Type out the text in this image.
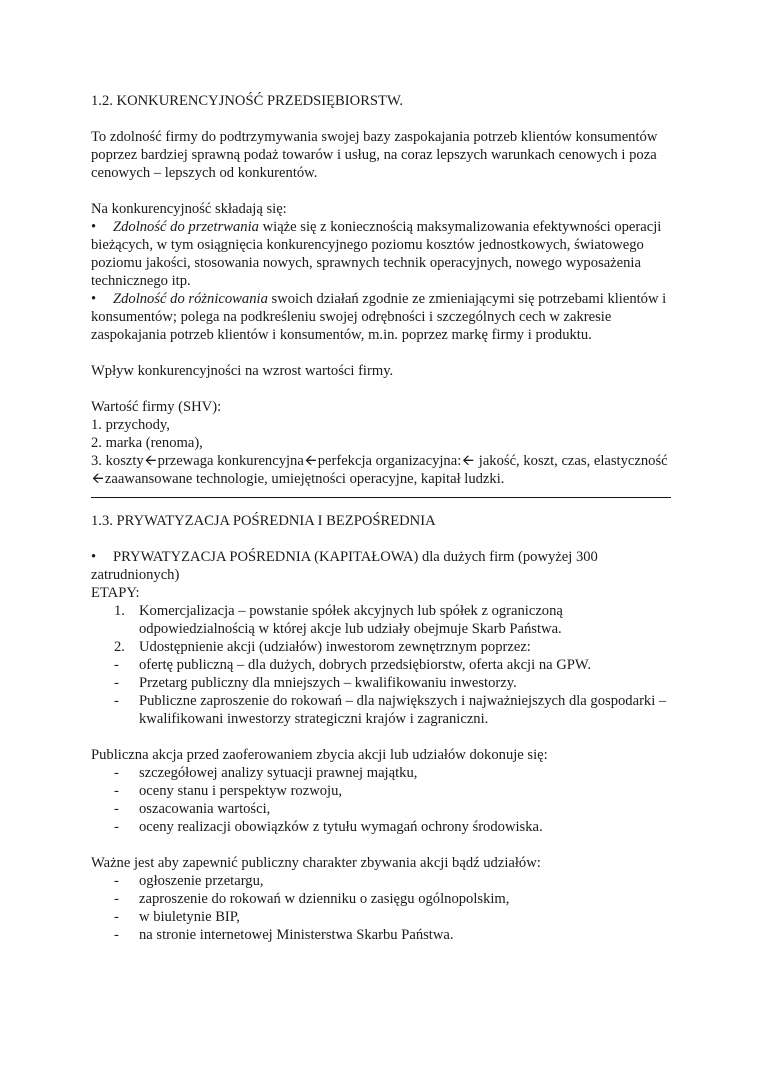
1.2. KONKURENCYJNOŚĆ PRZEDSIĘBIORSTW.

To zdolność firmy do podtrzymywania swojej bazy zaspokajania potrzeb klientów konsumentów poprzez bardziej sprawną podaż towarów i usług, na coraz lepszych warunkach cenowych i poza cenowych – lepszych od konkurentów.

Na konkurencyjność składają się:

• Zdolność do przetrwania wiąże się z koniecznością maksymalizowania efektywności operacji bieżących, w tym osiągnięcia konkurencyjnego poziomu kosztów jednostkowych, światowego poziomu jakości, stosowania nowych, sprawnych technik operacyjnych, nowego wyposażenia technicznego itp.

• Zdolność do różnicowania swoich działań zgodnie ze zmieniającymi się potrzebami klientów i konsumentów; polega na podkreśleniu swojej odrębności i szczególnych cech w zakresie zaspokajania potrzeb klientów i konsumentów, m.in. poprzez markę firmy i produktu.

Wpływ konkurencyjności na wzrost wartości firmy.

Wartość firmy (SHV):

1. przychody,

2. marka (renoma),

3. koszty🡨przewaga konkurencyjna🡨perfekcja organizacyjna:🡨 jakość, koszt, czas, elastyczność🡨zaawansowane technologie, umiejętności operacyjne, kapitał ludzki.

1.3. PRYWATYZACJA POŚREDNIA I BEZPOŚREDNIA

• PRYWATYZACJA POŚREDNIA (KAPITAŁOWA) dla dużych firm (powyżej 300 zatrudnionych)

ETAPY:

1. Komercjalizacja – powstanie spółek akcyjnych lub spółek z ograniczoną odpowiedzialnością w której akcje lub udziały obejmuje Skarb Państwa.
2. Udostępnienie akcji (udziałów) inwestorom zewnętrznym poprzez:
- ofertę publiczną – dla dużych, dobrych przedsiębiorstw, oferta akcji na GPW.
- Przetarg publiczny dla mniejszych – kwalifikowaniu inwestorzy.
- Publiczne zaproszenie do rokowań – dla największych i najważniejszych dla gospodarki – kwalifikowani inwestorzy strategiczni krajów i zagraniczni.

Publiczna akcja przed zaoferowaniem zbycia akcji lub udziałów dokonuje się:

- szczegółowej analizy sytuacji prawnej majątku,
- oceny stanu i perspektyw rozwoju,
- oszacowania wartości,
- oceny realizacji obowiązków z tytułu wymagań ochrony środowiska.

Ważne jest aby zapewnić publiczny charakter zbywania akcji bądź udziałów:

- ogłoszenie przetargu,
- zaproszenie do rokowań w dzienniku o zasięgu ogólnopolskim,
- w biuletynie BIP,
- na stronie internetowej Ministerstwa Skarbu Państwa.
